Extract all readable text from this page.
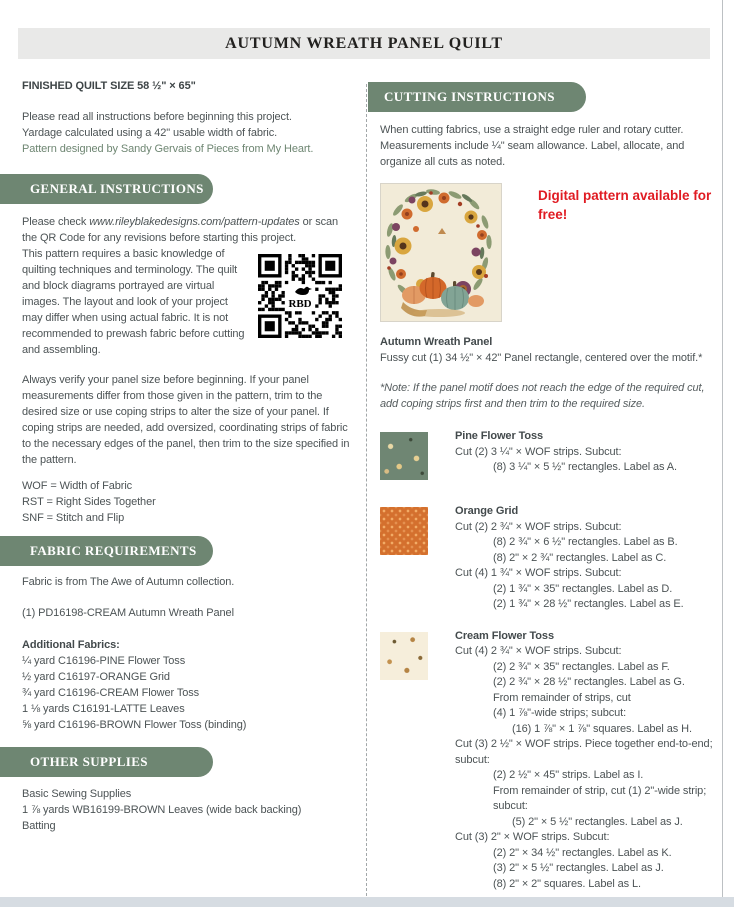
AUTUMN WREATH PANEL QUILT
FINISHED QUILT SIZE 58 ½" × 65"
Please read all instructions before beginning this project.
Yardage calculated using a 42" usable width of fabric.
Pattern designed by Sandy Gervais of Pieces from My Heart.
GENERAL INSTRUCTIONS

Please check www.rileyblakedesigns.com/pattern-updates or scan the QR Code for any revisions before starting this project.

RBD
This pattern requires a basic knowledge of quilting techniques and terminology. The quilt and block diagrams portrayed are virtual images. The layout and look of your project may differ when using actual fabric. It is not recommended to prewash fabric before cutting and assembling.

Always verify your panel size before beginning. If your panel measurements differ from those given in the pattern, trim to the desired size or use coping strips to alter the size of your panel. If coping strips are needed, add oversized, coordinating strips of fabric to the necessary edges of the panel, then trim to the size specified in the pattern.

WOF = Width of Fabric
RST = Right Sides Together
SNF = Stitch and Flip
FABRIC REQUIREMENTS
Fabric is from The Awe of Autumn collection.
(1) PD16198-CREAM Autumn Wreath Panel
Additional Fabrics:
¼ yard C16196-PINE Flower Toss
½ yard C16197-ORANGE Grid
¾ yard C16196-CREAM Flower Toss
1 ⅛ yards C16191-LATTE Leaves
⅝ yard C16196-BROWN Flower Toss (binding)
OTHER SUPPLIES
Basic Sewing Supplies
1 ⅞ yards WB16199-BROWN Leaves (wide back backing)
Batting
CUTTING INSTRUCTIONS

When cutting fabrics, use a straight edge ruler and rotary cutter. Measurements include ¼" seam allowance. Label, allocate, and organize all cuts as noted.

Digital pattern available for free!
Autumn Wreath Panel
Fussy cut (1) 34 ½" × 42" Panel rectangle, centered over the motif.*

*Note: If the panel motif does not reach the edge of the required cut, add coping strips first and then trim to the required size.

Pine Flower Toss
Cut (2) 3 ¼" × WOF strips. Subcut:
(8) 3 ¼" × 5 ½" rectangles. Label as A.
Orange Grid
Cut (2) 2 ¾" × WOF strips. Subcut:
(8) 2 ¾" × 6 ½" rectangles. Label as B.
(8) 2" × 2 ¾" rectangles. Label as C.
Cut (4) 1 ¾" × WOF strips. Subcut:
(2) 1 ¾" × 35" rectangles. Label as D.
(2) 1 ¾" × 28 ½" rectangles. Label as E.
Cream Flower Toss
Cut (4) 2 ¾" × WOF strips. Subcut:
(2) 2 ¾" × 35" rectangles. Label as F.
(2) 2 ¾" × 28 ½" rectangles. Label as G.
From remainder of strips, cut
(4) 1 ⅞"-wide strips; subcut:
(16) 1 ⅞" × 1 ⅞" squares. Label as H.
Cut (3) 2 ½" × WOF strips. Piece together end-to-end; subcut:
(2) 2 ½" × 45" strips. Label as I.
From remainder of strip, cut (1) 2"-wide strip; subcut:
(5) 2" × 5 ½" rectangles. Label as J.
Cut (3) 2" × WOF strips. Subcut:
(2) 2" × 34 ½" rectangles. Label as K.
(3) 2" × 5 ½" rectangles. Label as J.
(8) 2" × 2" squares. Label as L.
